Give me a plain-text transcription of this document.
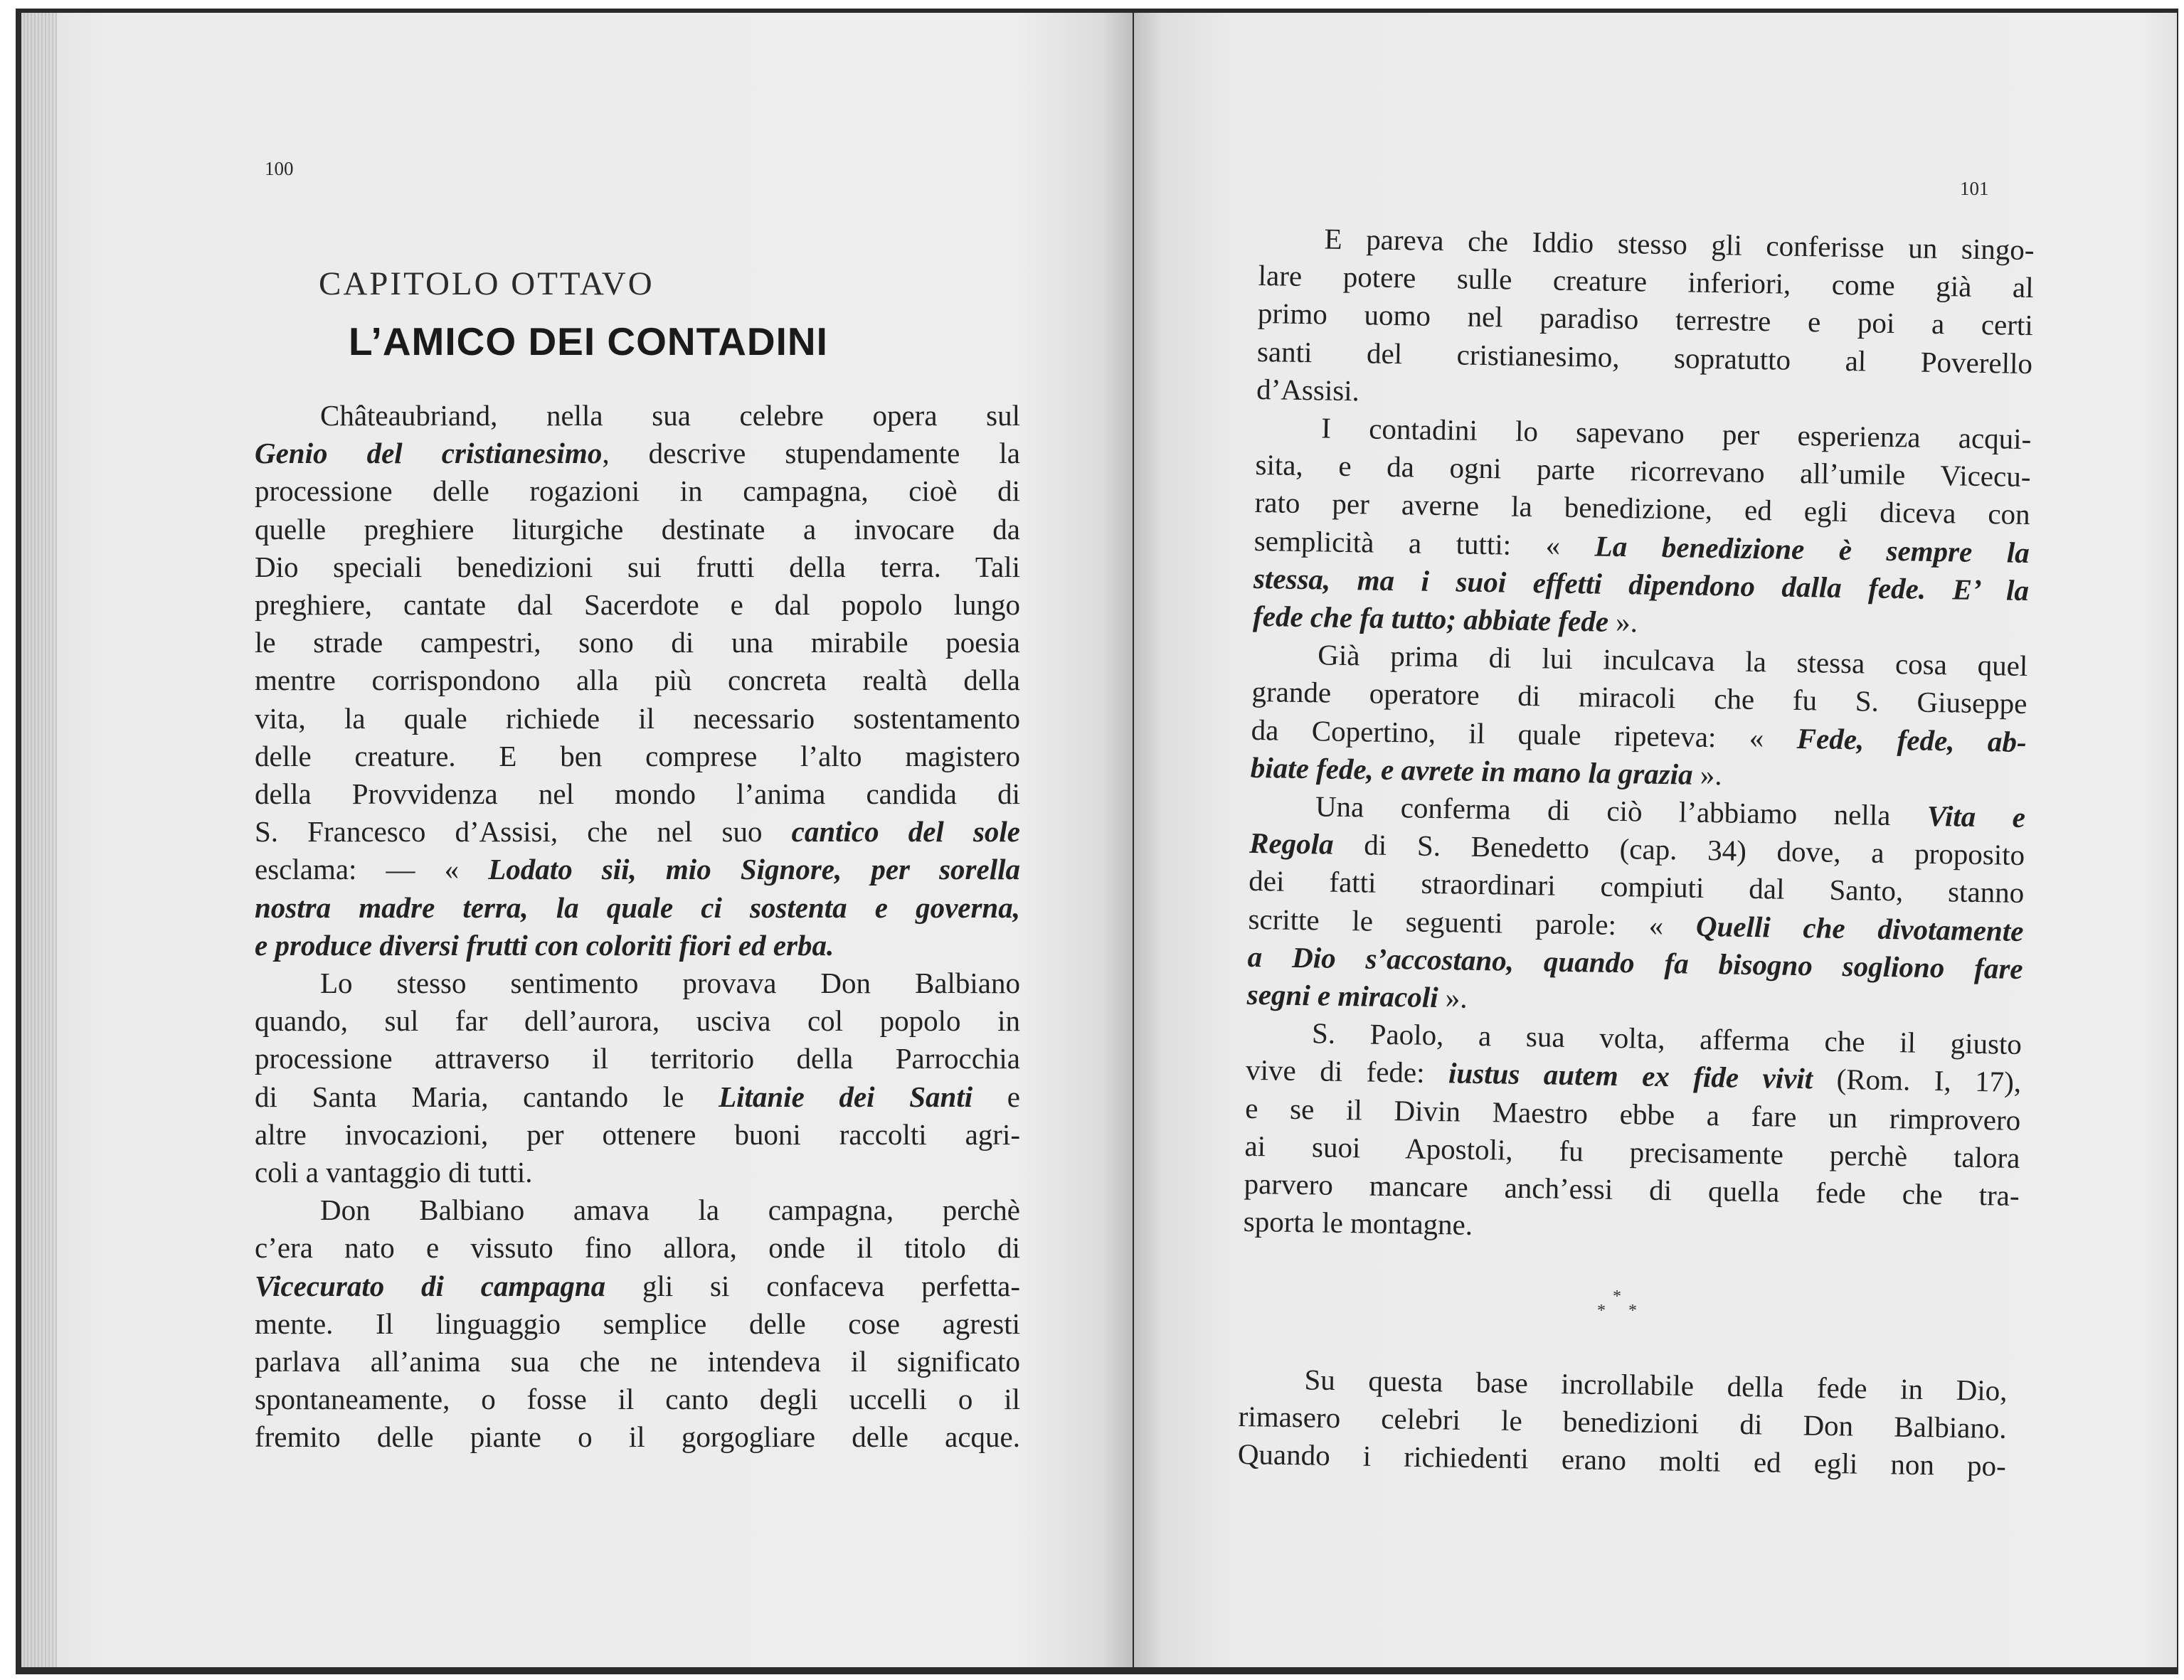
100
CAPITOLO OTTAVO
L’AMICO DEI CONTADINI
Châteaubriand, nella sua celebre opera sul
Genio del cristianesimo, descrive stupendamente la
processione delle rogazioni in campagna, cioè di
quelle preghiere liturgiche destinate a invocare da
Dio speciali benedizioni sui frutti della terra. Tali
preghiere, cantate dal Sacerdote e dal popolo lungo
le strade campestri, sono di una mirabile poesia
mentre corrispondono alla più concreta realtà della
vita, la quale richiede il necessario sostentamento
delle creature. E ben comprese l’alto magistero
della Provvidenza nel mondo l’anima candida di
S. Francesco d’Assisi, che nel suo cantico del sole
esclama: — « Lodato sii, mio Signore, per sorella
nostra madre terra, la quale ci sostenta e governa,
e produce diversi frutti con coloriti fiori ed erba.
Lo stesso sentimento provava Don Balbiano
quando, sul far dell’aurora, usciva col popolo in
processione attraverso il territorio della Parrocchia
di Santa Maria, cantando le Litanie dei Santi e
altre invocazioni, per ottenere buoni raccolti agri-
coli a vantaggio di tutti.
Don Balbiano amava la campagna, perchè
c’era nato e vissuto fino allora, onde il titolo di
Vicecurato di campagna gli si confaceva perfetta-
mente. Il linguaggio semplice delle cose agresti
parlava all’anima sua che ne intendeva il significato
spontaneamente, o fosse il canto degli uccelli o il
fremito delle piante o il gorgogliare delle acque.
101
E pareva che Iddio stesso gli conferisse un singo-
lare potere sulle creature inferiori, come già al
primo uomo nel paradiso terrestre e poi a certi
santi del cristianesimo, sopratutto al Poverello
d’Assisi.
I contadini lo sapevano per esperienza acqui-
sita, e da ogni parte ricorrevano all’umile Vicecu-
rato per averne la benedizione, ed egli diceva con
semplicità a tutti: « La benedizione è sempre la
stessa, ma i suoi effetti dipendono dalla fede. E’ la
fede che fa tutto; abbiate fede ».
Già prima di lui inculcava la stessa cosa quel
grande operatore di miracoli che fu S. Giuseppe
da Copertino, il quale ripeteva: « Fede, fede, ab-
biate fede, e avrete in mano la grazia ».
Una conferma di ciò l’abbiamo nella Vita e
Regola di S. Benedetto (cap. 34) dove, a proposito
dei fatti straordinari compiuti dal Santo, stanno
scritte le seguenti parole: « Quelli che divotamente
a Dio s’accostano, quando fa bisogno sogliono fare
segni e miracoli ».
S. Paolo, a sua volta, afferma che il giusto
vive di fede: iustus autem ex fide vivit (Rom. I, 17),
e se il Divin Maestro ebbe a fare un rimprovero
ai suoi Apostoli, fu precisamente perchè talora
parvero mancare anch’essi di quella fede che tra-
sporta le montagne.
*
* *
Su questa base incrollabile della fede in Dio,
rimasero celebri le benedizioni di Don Balbiano.
Quando i richiedenti erano molti ed egli non po-
